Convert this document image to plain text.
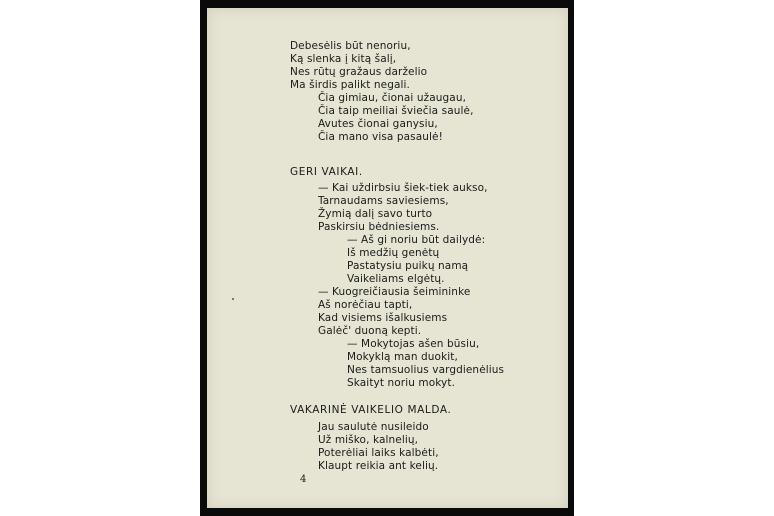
Debesėlis būt nenoriu,
Ką slenka į kitą šalį,
Nes rūtų gražaus darželio
Ma širdis palikt negali.
Čia gimiau, čionai užaugau,
Čia taip meiliai šviečia saulė,
Avutes čionai ganysiu,
Čia mano visa pasaulė!
GERI VAIKAI.
— Kai uždirbsiu šiek-tiek aukso,
Tarnaudams saviesiems,
Žymią dalį savo turto
Paskirsiu bėdniesiems.
— Aš gi noriu būt dailydė:
Iš medžių genėtų
Pastatysiu puikų namą
Vaikeliams elgėtų.
— Kuogreičiausia šeimininke
Aš norėčiau tapti,
Kad visiems išalkusiems
Galėč' duoną kepti.
— Mokytojas ašen būsiu,
Mokyklą man duokit,
Nes tamsuolius vargdienėlius
Skaityt noriu mokyt.
VAKARINĖ VAIKELIO MALDA.
Jau saulutė nusileido
Už miško, kalnelių,
Poterėliai laiks kalbėti,
Klaupt reikia ant kelių.
4
